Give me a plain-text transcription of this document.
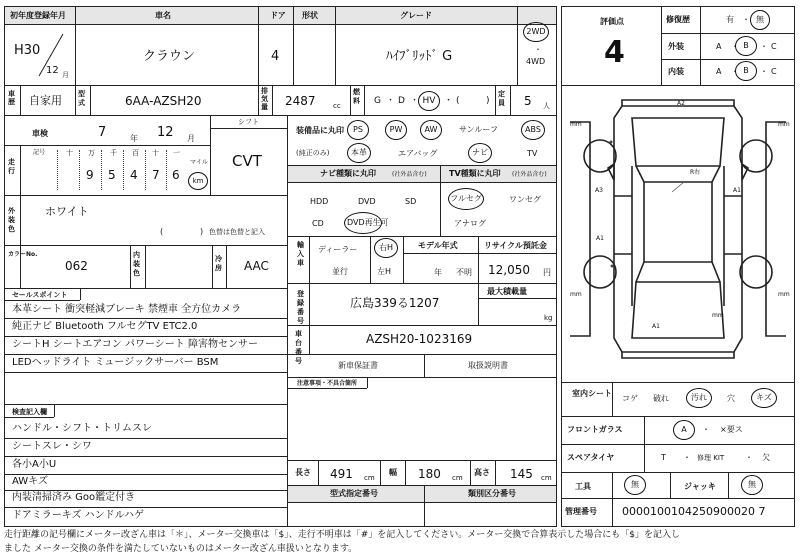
初年度登録年月	車名	ドア 形状	グレード
H30
12 月
クラウン	4	ﾊｲﾌﾞﾘｯﾄﾞ G
2WD
・
4WD
車歴 自家用 型式	6AA-AZSH20
排気量 2487 cc
燃料 G ・ D ・ HV ・ (	)
定員 5 人
車検	7	年 12 月
シフト
CVT
走行
記号	十 万 千 百 十 一
9 5 4 7 6
マイル
km
外装色
ホワイト
(	) 色替は色替と記入
カラーNo.
062
内装色
冷房 AAC
セールスポイント
本革シート 衝突軽減ブレーキ 禁煙車 全方位カメラ
純正ナビ Bluetooth フルセグTV ETC2.0
シートH シートエアコン パワーシート 障害物センサー
LEDヘッドライト ミュージックサーバー BSM
検査記入欄
ハンドル・シフト・トリムスレ
シートスレ・シワ
各小A小U
AWキズ
内装清掃済み Goo鑑定付き
ドアミラーキズ ハンドルハゲ
装備品に丸印
(純正のみ)
PS	PW	AW	サンルーフ	ABS
本革	エアバッグ	ナビ	TV
ナビ種類に丸印	(社外品含む)	TV種類に丸印 (社外品含む)
HDD	DVD	SD
CD	DVD再生可
フルセグ	ワンセグ
アナログ
輸入車
ディーラー
並行
右H
左H
モデル年式
年 不明
リサイクル預託金
12,050 円
登録番号
広島339る1207
最大積載量
kg
車台番号
AZSH20-1023169
新車保証書	取扱説明書
注意事項・不具合箇所
長さ 491 cm
幅 180 cm
高さ 145 cm
型式指定番号	類別区分番号
評価点
4
修復歴	有 ・ 無
外装	A ・ B	・ C
内装	A ・ B	・ C
A2
A3	A1
A1
A1
R右
mm	mm
mm	mm
mm
室内シート
コゲ 破れ	汚れ	穴	キズ
フロントガラス	A	・ ×要ス
スペアタイヤ	T ・ 修理 KIT	・ 欠
工具	無	ジャッキ	無
管理番号 0000100104250900020 7
走行距離の記号欄にメーター改ざん車は「＊」、メーター交換車は「$」、走行不明車は「#」を記入してください。メーター交換で合算表示した場合にも「$」を記入し
ました メーター交換の条件を満たしていないものはメーター改ざん車扱いとなります。
